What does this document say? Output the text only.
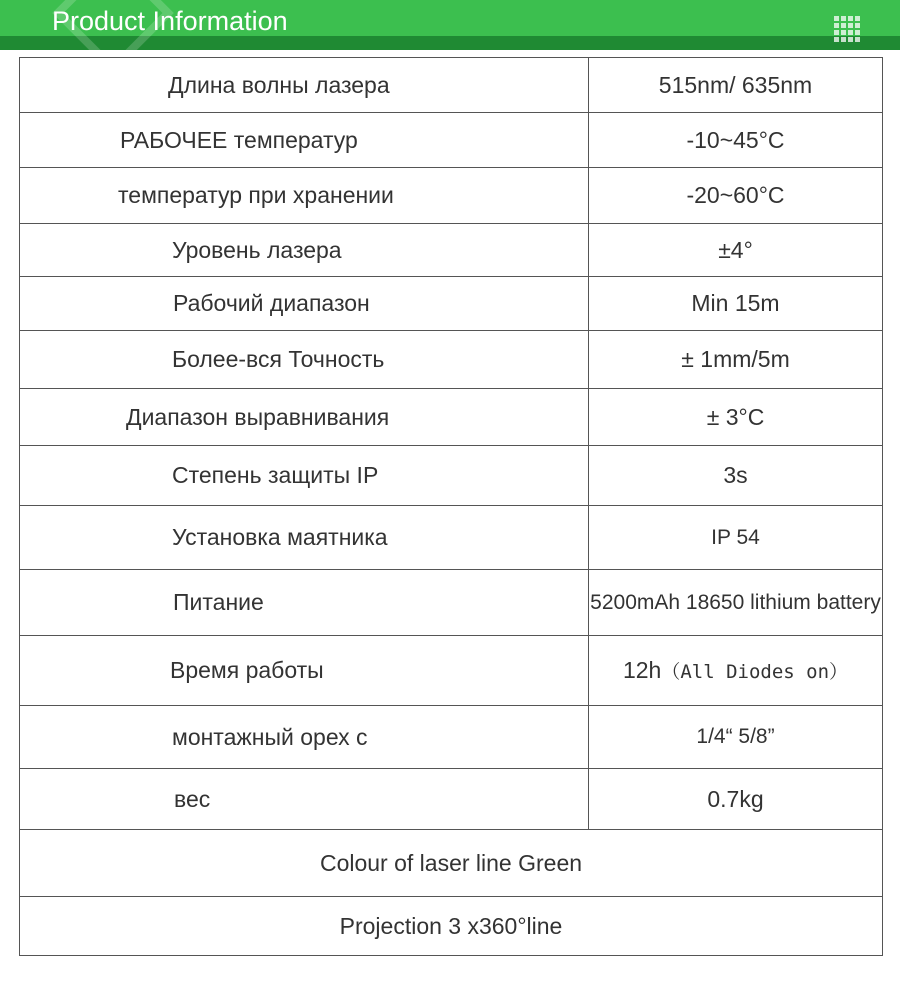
Product Information
Длина волны лазера	515nm/ 635nm
РАБОЧЕЕ температур	-10~45°C
температур при хранении	-20~60°C
Уровень лазера	±4°
Рабочий диапазон	Min 15m
Более-вся Точность	± 1mm/5m
Диапазон выравнивания	± 3°C
Степень защиты IP	3s
Установка маятника	IP 54
Питание	5200mAh 18650 lithium battery
Время работы	12h（All Diodes on）
монтажный орех с	1/4“ 5/8”
вес	0.7kg
Colour of laser line Green	
Projection 3 x360°line	
